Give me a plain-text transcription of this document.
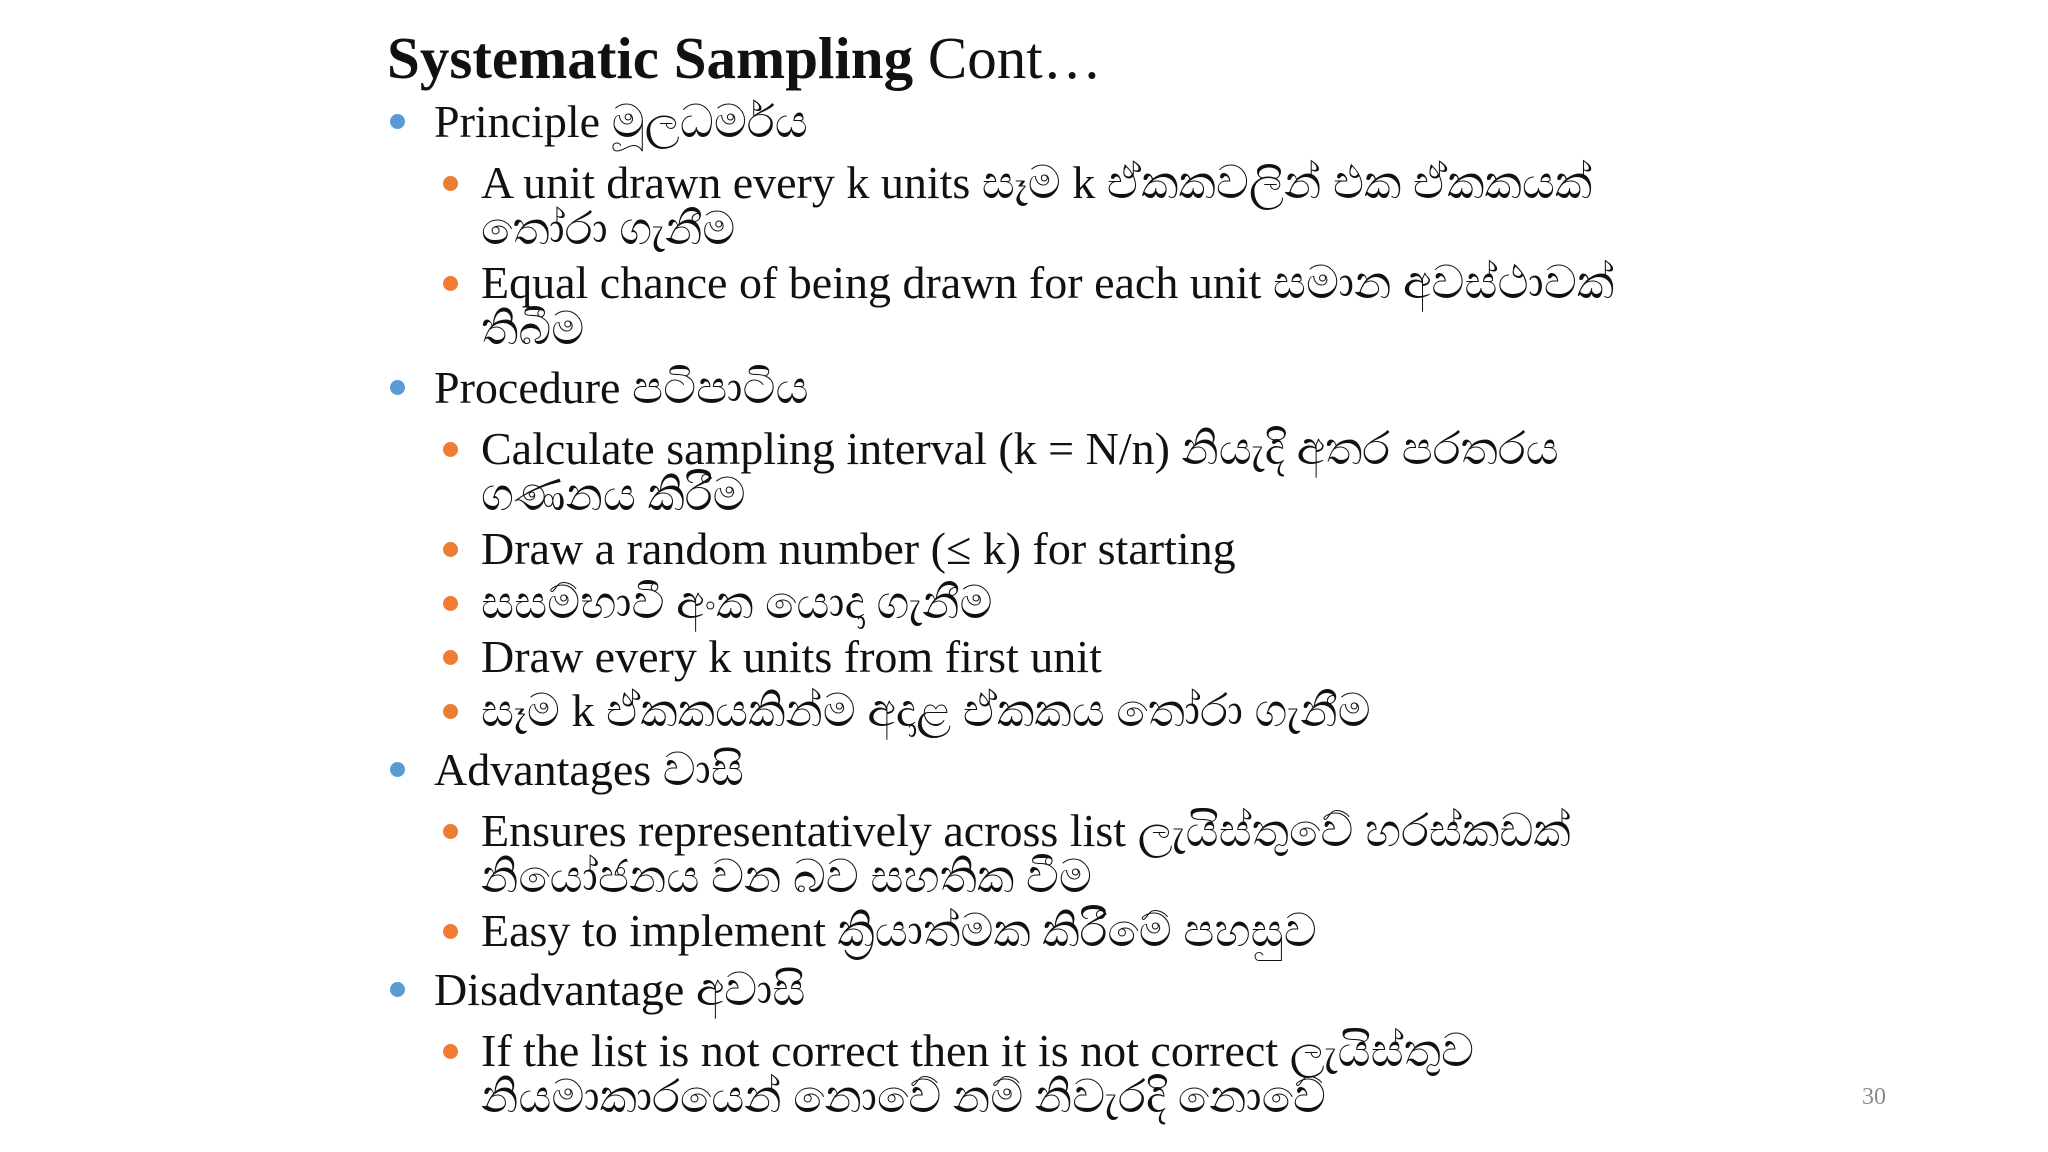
Systematic Sampling Cont…
Principle මූලධර්මය
A unit drawn every k units සෑම k ඒකකවලින් එක ඒකකයක් තෝරා ගැනීම
Equal chance of being drawn for each unit සමාන අවස්ථාවක් තිබීම
Procedure පටිපාටිය
Calculate sampling interval (k = N/n) නියැදි අතර පරතරය ගණනය කිරීම
Draw a random number (≤ k) for starting
සසම්භාවී අංක යොදා ගැනීම
Draw every k units from first unit
සෑම k ඒකකයකින්ම අදාළ ඒකකය තෝරා ගැනීම
Advantages වාසි
Ensures representatively across list ලැයිස්තුවේ හරස්කඩක් නියෝජනය වන බව සහතික වීම
Easy to implement ක්‍රියාත්මක කිරීමේ පහසුව
Disadvantage අවාසි
If the list is not correct then it is not correct ලැයිස්තුව නියමාකාරයෙන් නොවේ නම් නිවැරදි නොවේ	30
